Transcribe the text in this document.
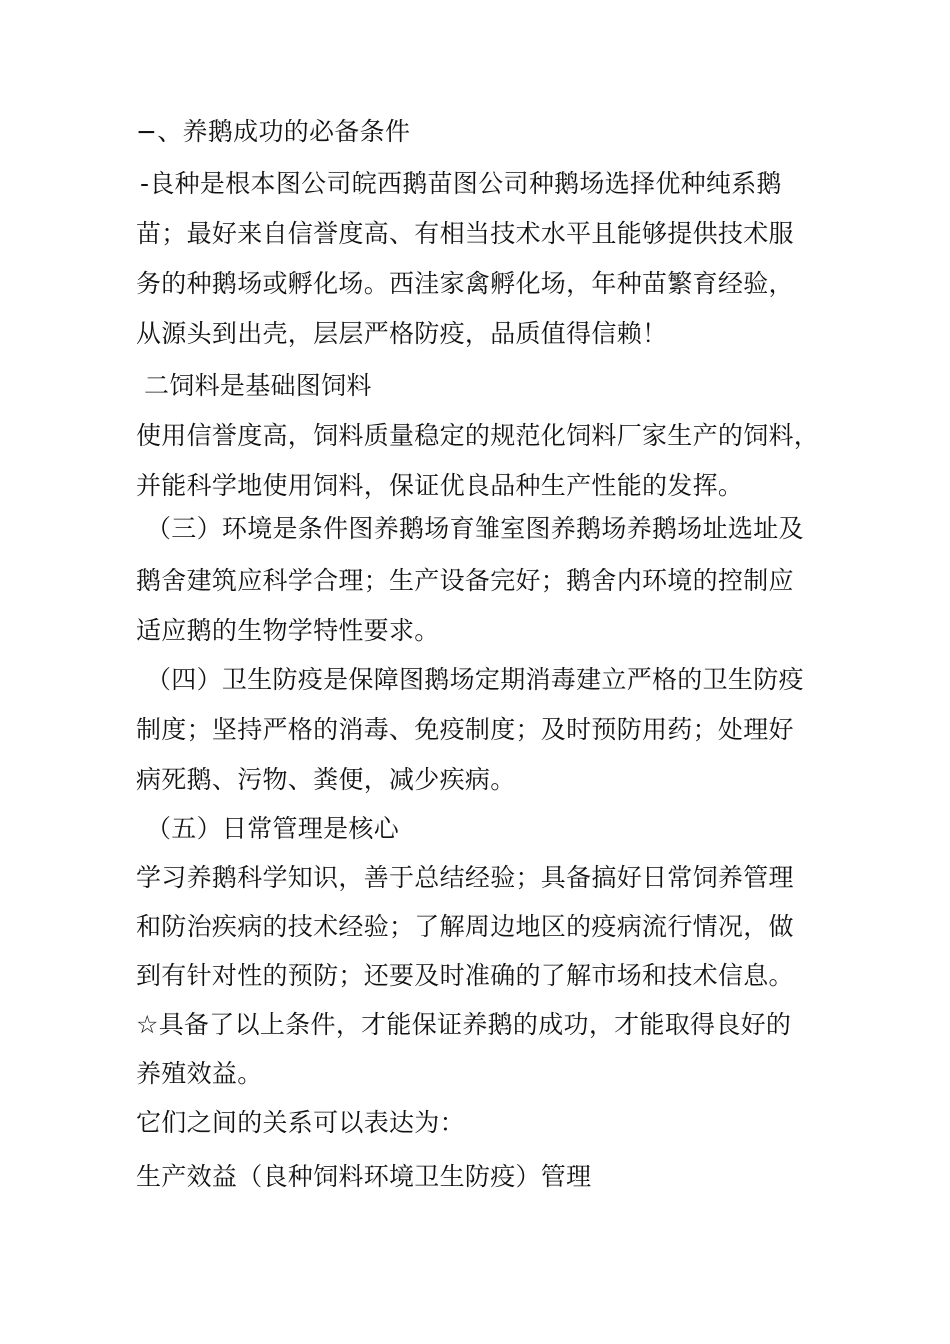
−、养鹅成功的必备条件
-良种是根本图公司皖西鹅苗图公司种鹅场选择优种纯系鹅
苗；最好来自信誉度高、有相当技术水平且能够提供技术服
务的种鹅场或孵化场。西洼家禽孵化场，年种苗繁育经验，
从源头到出壳，层层严格防疫，品质值得信赖！
二饲料是基础图饲料
使用信誉度高，饲料质量稳定的规范化饲料厂家生产的饲料，
并能科学地使用饲料，保证优良品种生产性能的发挥。
（三）环境是条件图养鹅场育雏室图养鹅场养鹅场址选址及
鹅舍建筑应科学合理；生产设备完好；鹅舍内环境的控制应
适应鹅的生物学特性要求。
（四）卫生防疫是保障图鹅场定期消毒建立严格的卫生防疫
制度；坚持严格的消毒、免疫制度；及时预防用药；处理好
病死鹅、污物、粪便，减少疾病。
（五）日常管理是核心
学习养鹅科学知识，善于总结经验；具备搞好日常饲养管理
和防治疾病的技术经验；了解周边地区的疫病流行情况，做
到有针对性的预防；还要及时准确的了解市场和技术信息。
☆具备了以上条件，才能保证养鹅的成功，才能取得良好的
养殖效益。
它们之间的关系可以表达为：
生产效益（良种饲料环境卫生防疫）管理
